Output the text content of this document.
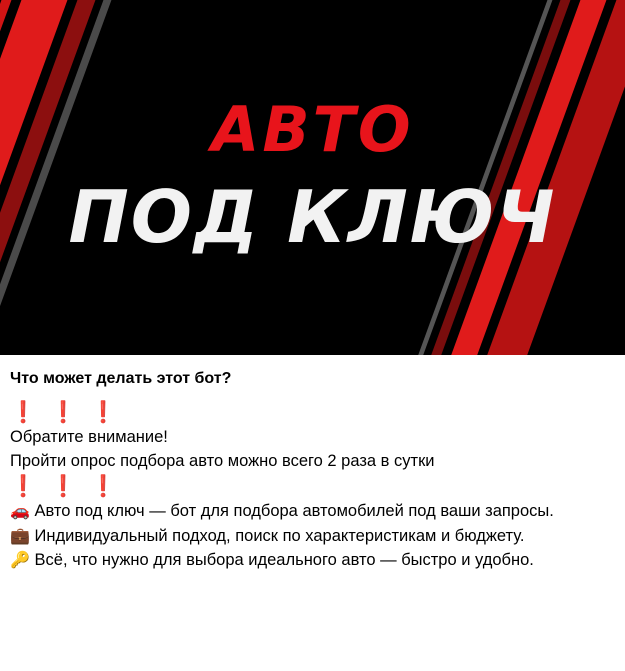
АВТО
ПОД КЛЮЧ

Что может делать этот бот?

❗ ❗ ❗

Обратите внимание!

Пройти опрос подбора авто можно всего 2 раза в сутки

❗ ❗ ❗

🚗 Авто под ключ — бот для подбора автомобилей под ваши запросы.

💼 Индивидуальный подход, поиск по характеристикам и бюджету.

🔑 Всё, что нужно для выбора идеального авто — быстро и удобно.
